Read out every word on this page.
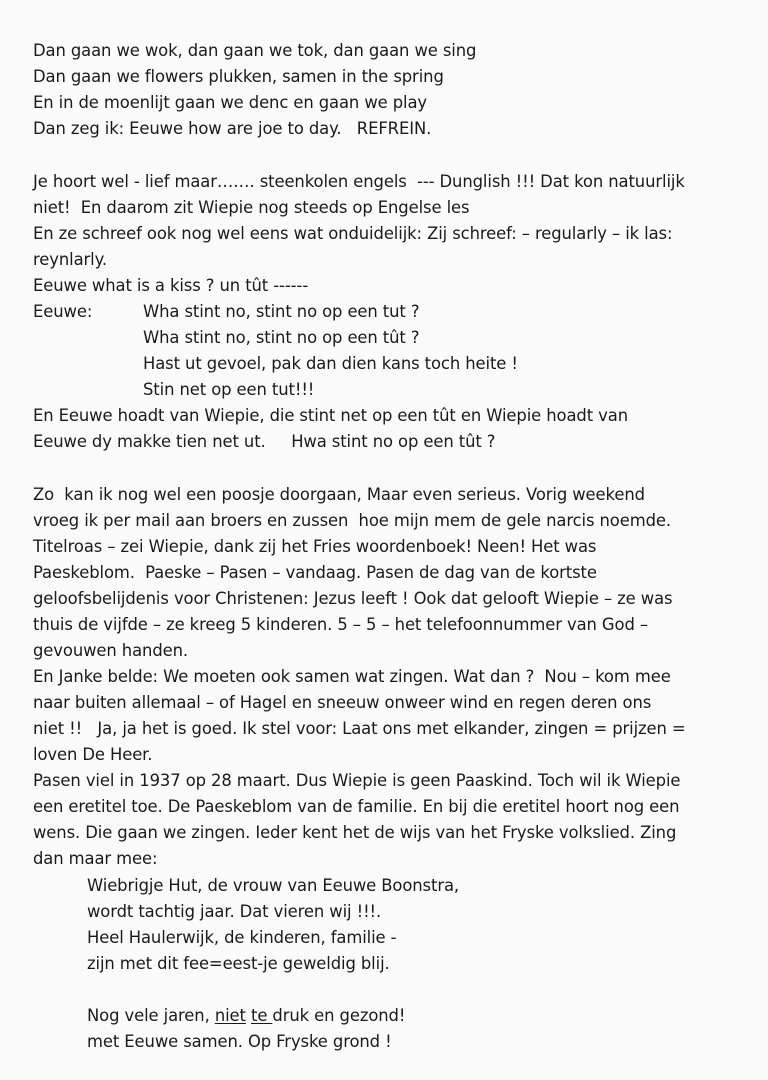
Dan gaan we wok, dan gaan we tok, dan gaan we sing
Dan gaan we flowers plukken, samen in the spring
En in de moenlijt gaan we denc en gaan we play
Dan zeg ik: Eeuwe how are joe to day.   REFREIN.
Je hoort wel - lief maar……. steenkolen engels  --- Dunglish !!! Dat kon natuurlijk
niet!  En daarom zit Wiepie nog steeds op Engelse les
En ze schreef ook nog wel eens wat onduidelijk: Zij schreef: – regularly – ik las:
reynlarly.
Eeuwe what is a kiss ? un tût ------
Eeuwe:	Wha stint no, stint no op een tut ?
Wha stint no, stint no op een tût ?
Hast ut gevoel, pak dan dien kans toch heite !
Stin net op een tut!!!
En Eeuwe hoadt van Wiepie, die stint net op een tût en Wiepie hoadt van
Eeuwe dy makke tien net ut.     Hwa stint no op een tût ?
Zo  kan ik nog wel een poosje doorgaan, Maar even serieus. Vorig weekend
vroeg ik per mail aan broers en zussen  hoe mijn mem de gele narcis noemde.
Titelroas – zei Wiepie, dank zij het Fries woordenboek! Neen! Het was
Paeskeblom.  Paeske – Pasen – vandaag. Pasen de dag van de kortste
geloofsbelijdenis voor Christenen: Jezus leeft ! Ook dat gelooft Wiepie – ze was
thuis de vijfde – ze kreeg 5 kinderen. 5 – 5 – het telefoonnummer van God –
gevouwen handen.
En Janke belde: We moeten ook samen wat zingen. Wat dan ?  Nou – kom mee
naar buiten allemaal – of Hagel en sneeuw onweer wind en regen deren ons
niet !!   Ja, ja het is goed. Ik stel voor: Laat ons met elkander, zingen = prijzen =
loven De Heer.
Pasen viel in 1937 op 28 maart. Dus Wiepie is geen Paaskind. Toch wil ik Wiepie
een eretitel toe. De Paeskeblom van de familie. En bij die eretitel hoort nog een
wens. Die gaan we zingen. Ieder kent het de wijs van het Fryske volkslied. Zing
dan maar mee:
Wiebrigje Hut, de vrouw van Eeuwe Boonstra,
wordt tachtig jaar. Dat vieren wij !!!.
Heel Haulerwijk, de kinderen, familie -
zijn met dit fee=eest-je geweldig blij.
Nog vele jaren, niet te druk en gezond!
met Eeuwe samen. Op Fryske grond !
